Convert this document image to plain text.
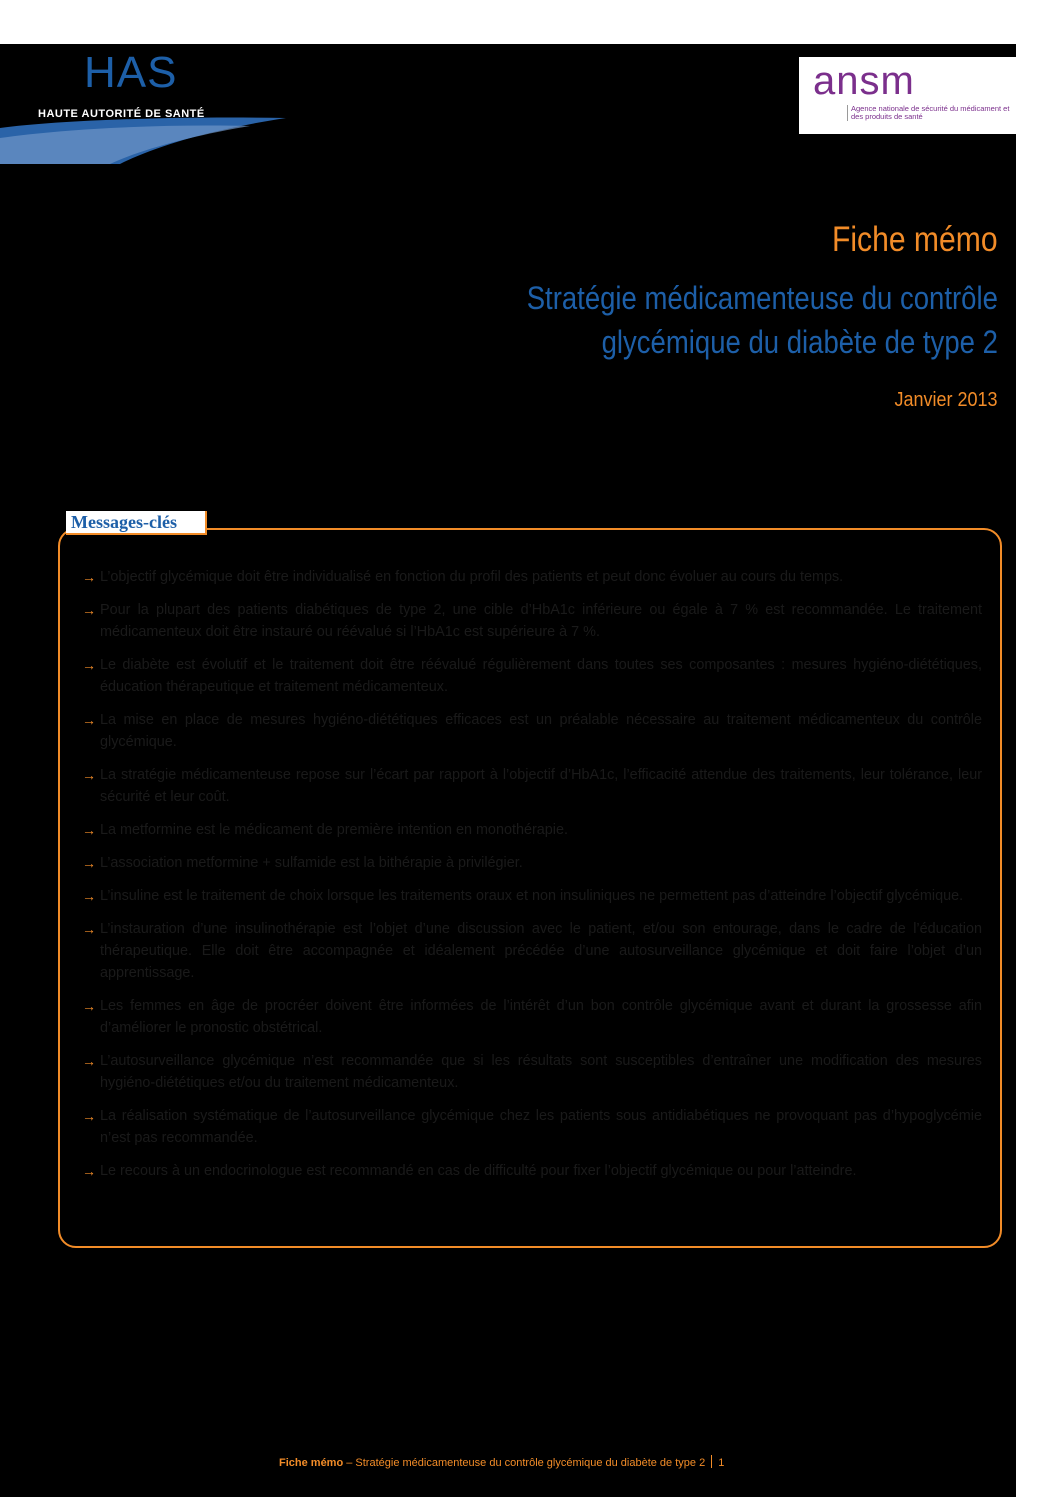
HAS
HAUTE AUTORITÉ DE SANTÉ
ansm
Agence nationale de sécurité du médicament et des produits de santé
Fiche mémo
Stratégie médicamenteuse du contrôle
glycémique du diabète de type 2
Janvier 2013
Messages-clés
→ L’objectif glycémique doit être individualisé en fonction du profil des patients et peut donc évoluer au cours du temps.
→ Pour la plupart des patients diabétiques de type 2, une cible d’HbA1c inférieure ou égale à 7 % est recommandée. Le traitement médicamenteux doit être instauré ou réévalué si l’HbA1c est supérieure à 7 %.
→ Le diabète est évolutif et le traitement doit être réévalué régulièrement dans toutes ses composantes : mesures hygiéno-diététiques, éducation thérapeutique et traitement médicamenteux.
→ La mise en place de mesures hygiéno-diététiques efficaces est un préalable nécessaire au traitement médicamenteux du contrôle glycémique.
→ La stratégie médicamenteuse repose sur l’écart par rapport à l’objectif d’HbA1c, l’efficacité attendue des traitements, leur tolérance, leur sécurité et leur coût.
→ La metformine est le médicament de première intention en monothérapie.
→ L’association metformine + sulfamide est la bithérapie à privilégier.
→ L’insuline est le traitement de choix lorsque les traitements oraux et non insuliniques ne permettent pas d’atteindre l’objectif glycémique.
→ L’instauration d’une insulinothérapie est l’objet d’une discussion avec le patient, et/ou son entourage, dans le cadre de l’éducation thérapeutique. Elle doit être accompagnée et idéalement précédée d’une autosurveillance glycémique et doit faire l’objet d’un apprentissage.
→ Les femmes en âge de procréer doivent être informées de l’intérêt d’un bon contrôle glycémique avant et durant la grossesse afin d’améliorer le pronostic obstétrical.
→ L’autosurveillance glycémique n’est recommandée que si les résultats sont susceptibles d’entraîner une modification des mesures hygiéno-diététiques et/ou du traitement médicamenteux.
→ La réalisation systématique de l’autosurveillance glycémique chez les patients sous antidiabétiques ne provoquant pas d’hypoglycémie n’est pas recommandée.
→ Le recours à un endocrinologue est recommandé en cas de difficulté pour fixer l’objectif glycémique ou pour l’atteindre.
Fiche mémo – Stratégie médicamenteuse du contrôle glycémique du diabète de type 2 1
